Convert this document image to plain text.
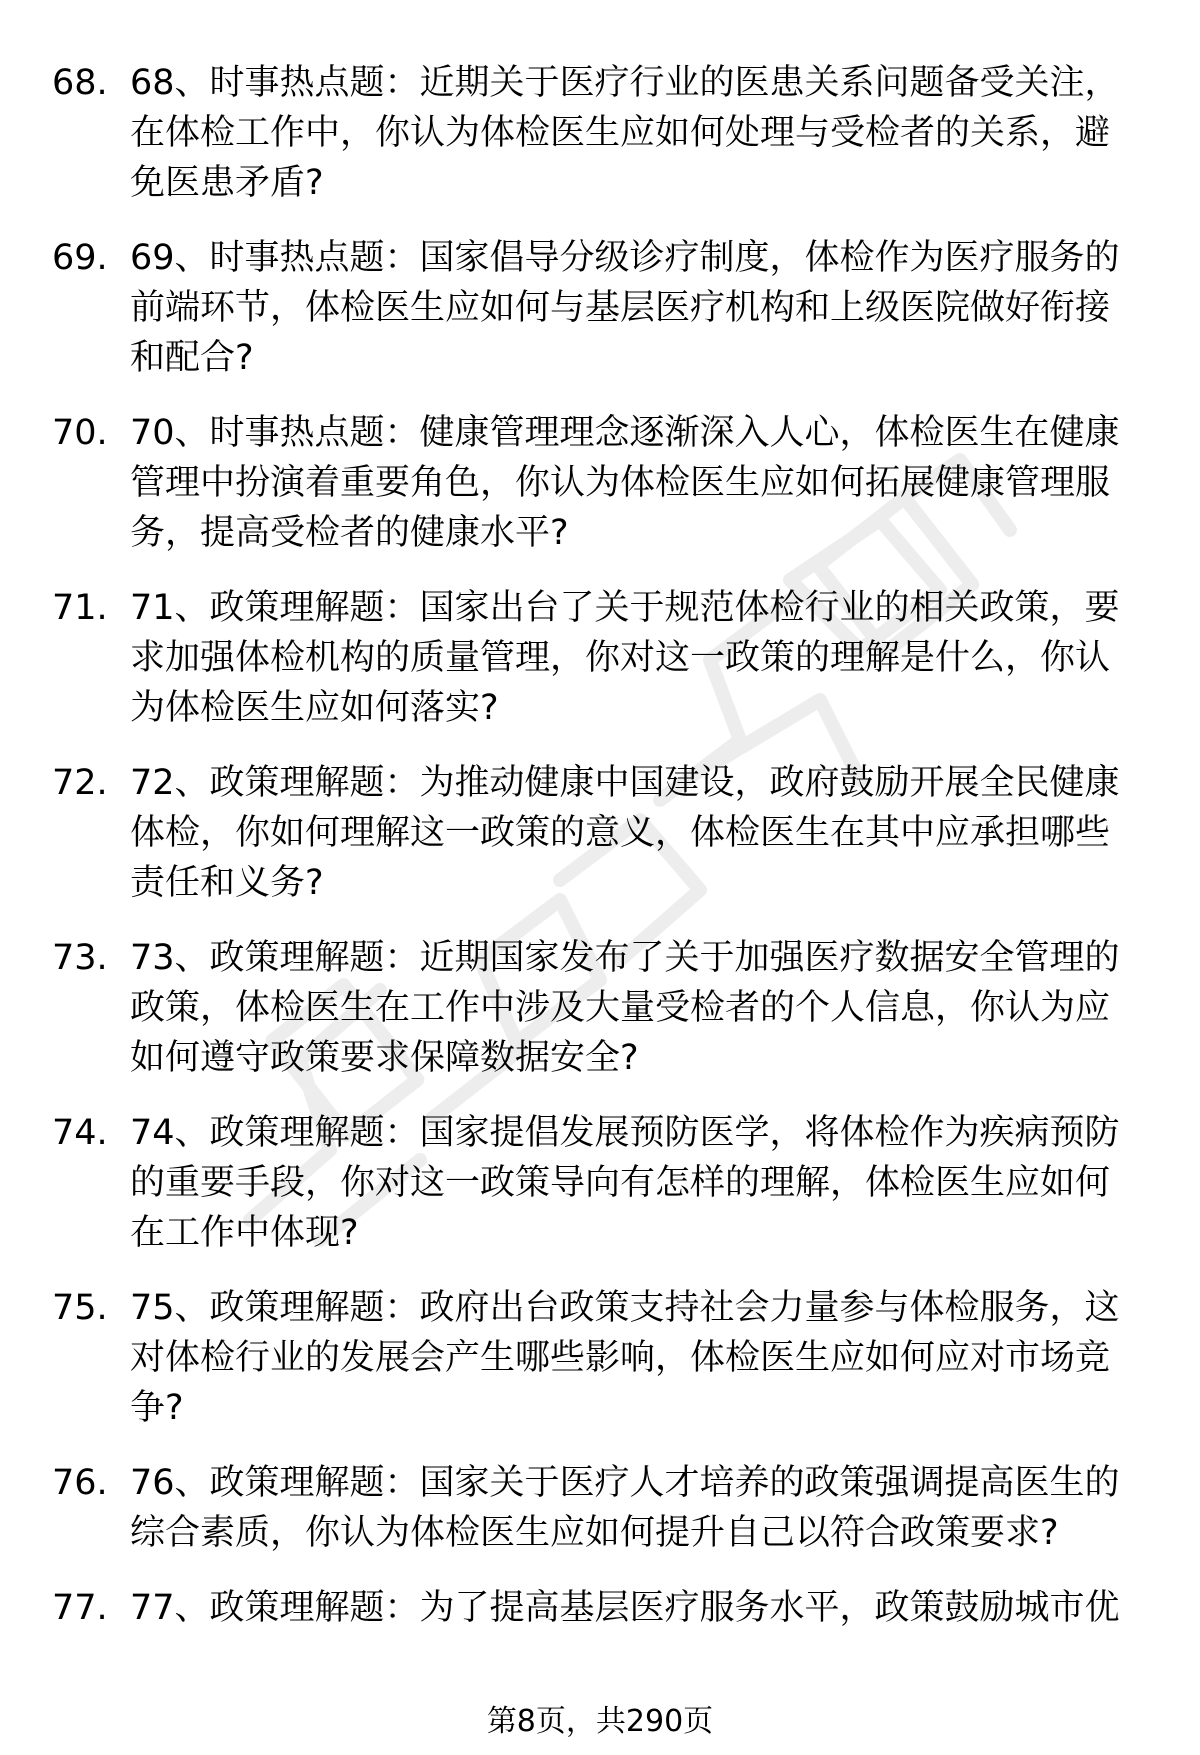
68. 68、时事热点题：近期关于医疗行业的医患关系问题备受关注，在体检工作中，你认为体检医生应如何处理与受检者的关系，避免医患矛盾?
69. 69、时事热点题：国家倡导分级诊疗制度，体检作为医疗服务的前端环节，体检医生应如何与基层医疗机构和上级医院做好衔接和配合?
70. 70、时事热点题：健康管理理念逐渐深入人心，体检医生在健康管理中扮演着重要角色，你认为体检医生应如何拓展健康管理服务，提高受检者的健康水平?
71. 71、政策理解题：国家出台了关于规范体检行业的相关政策，要求加强体检机构的质量管理，你对这一政策的理解是什么，你认为体检医生应如何落实?
72. 72、政策理解题：为推动健康中国建设，政府鼓励开展全民健康体检，你如何理解这一政策的意义，体检医生在其中应承担哪些责任和义务?
73. 73、政策理解题：近期国家发布了关于加强医疗数据安全管理的政策，体检医生在工作中涉及大量受检者的个人信息，你认为应如何遵守政策要求保障数据安全?
74. 74、政策理解题：国家提倡发展预防医学，将体检作为疾病预防的重要手段，你对这一政策导向有怎样的理解，体检医生应如何在工作中体现?
75. 75、政策理解题：政府出台政策支持社会力量参与体检服务，这对体检行业的发展会产生哪些影响，体检医生应如何应对市场竞争?
76. 76、政策理解题：国家关于医疗人才培养的政策强调提高医生的综合素质，你认为体检医生应如何提升自己以符合政策要求?
77. 77、政策理解题：为了提高基层医疗服务水平，政策鼓励城市优
第8页，共290页
